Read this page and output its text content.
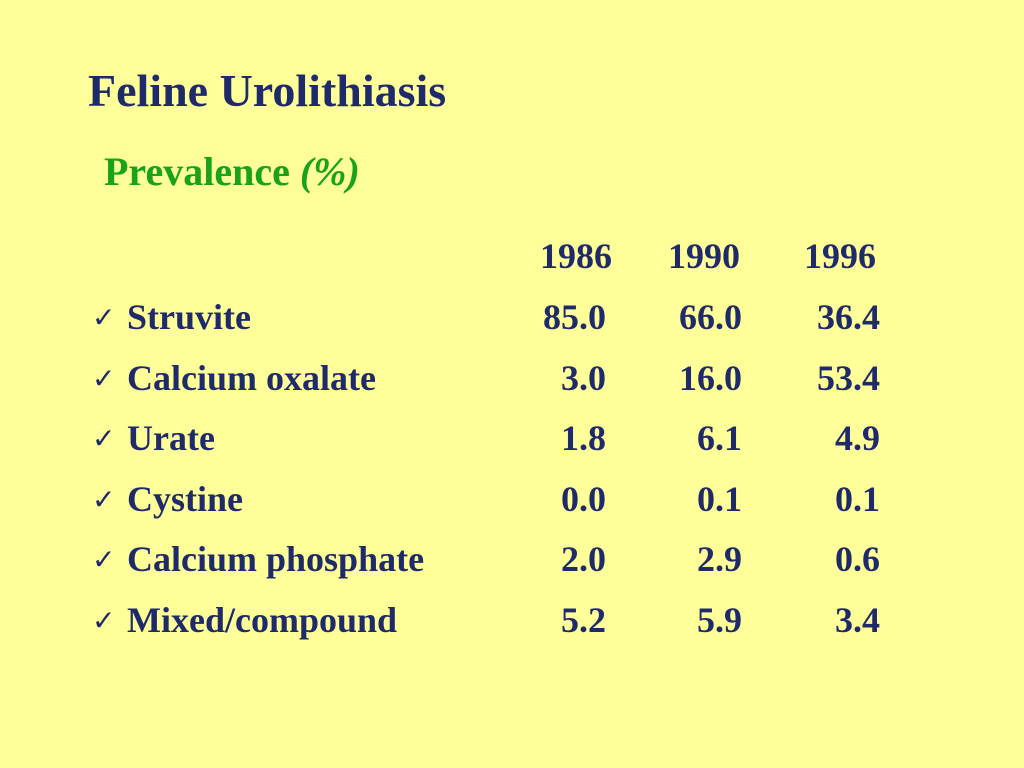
Feline Urolithiasis
Prevalence (%)
1986 1990 1996
✓ Struvite	85.0	66.0	36.4
✓ Calcium oxalate	3.0	16.0	53.4
✓ Urate	1.8	6.1	4.9
✓ Cystine	0.0	0.1	0.1
✓ Calcium phosphate	2.0	2.9	0.6
✓ Mixed/compound	5.2	5.9	3.4
